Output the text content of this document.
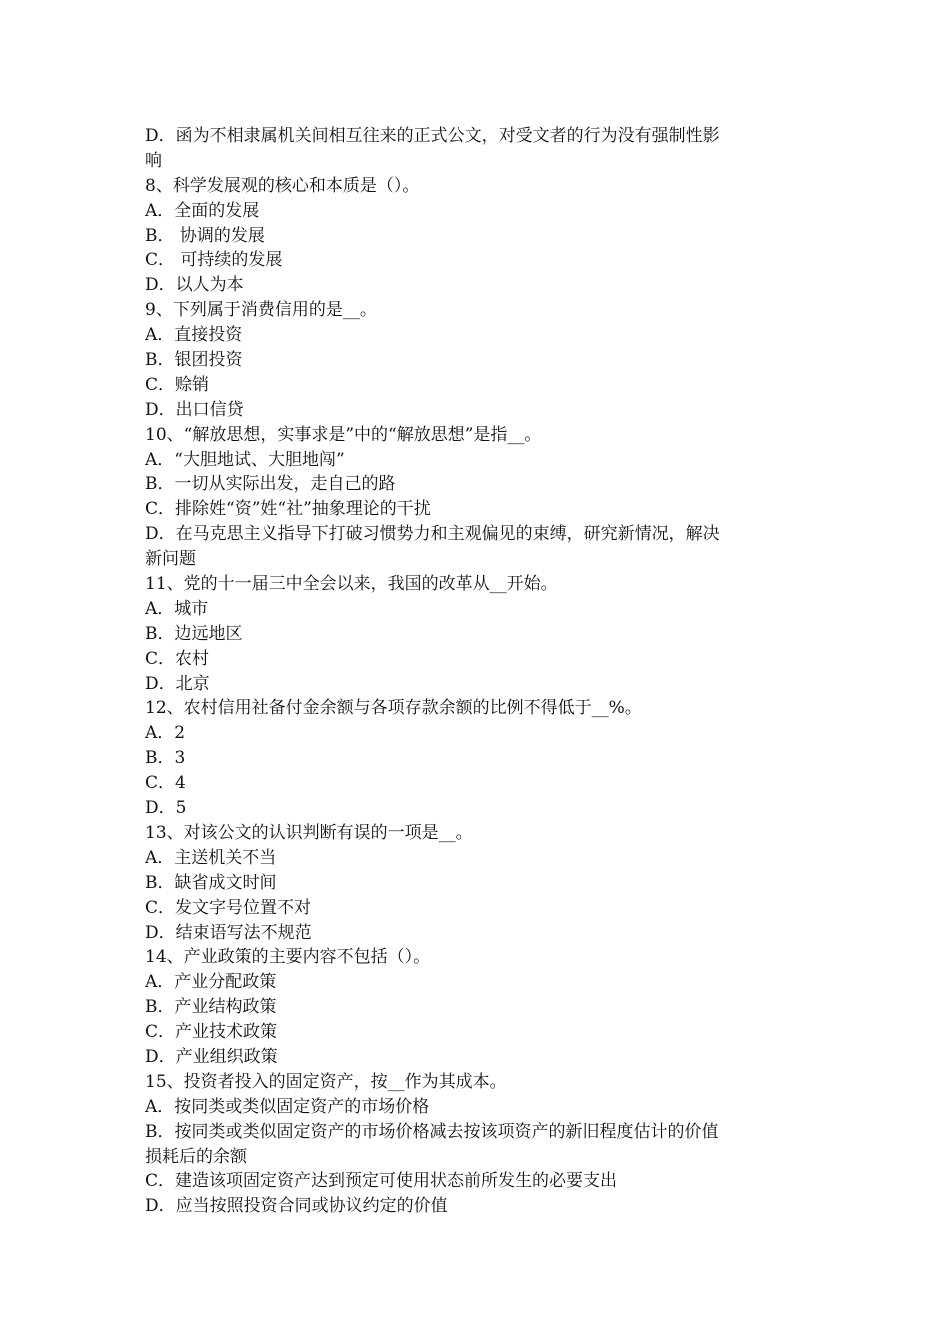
D．函为不相隶属机关间相互往来的正式公文，对受文者的行为没有强制性影
响
8、科学发展观的核心和本质是（）。
A．全面的发展
B． 协调的发展
C． 可持续的发展
D．以人为本
9、下列属于消费信用的是__。
A．直接投资
B．银团投资
C．赊销
D．出口信贷
10、“解放思想，实事求是”中的“解放思想”是指__。
A．“大胆地试、大胆地闯”
B．一切从实际出发，走自己的路
C．排除姓“资”姓“社”抽象理论的干扰
D．在马克思主义指导下打破习惯势力和主观偏见的束缚，研究新情况，解决
新问题
11、党的十一届三中全会以来，我国的改革从__开始。
A．城市
B．边远地区
C．农村
D．北京
12、农村信用社备付金余额与各项存款余额的比例不得低于__%。
A．2
B．3
C．4
D．5
13、对该公文的认识判断有误的一项是__。
A．主送机关不当
B．缺省成文时间
C．发文字号位置不对
D．结束语写法不规范
14、产业政策的主要内容不包括（）。
A．产业分配政策
B．产业结构政策
C．产业技术政策
D．产业组织政策
15、投资者投入的固定资产，按__作为其成本。
A．按同类或类似固定资产的市场价格
B．按同类或类似固定资产的市场价格减去按该项资产的新旧程度估计的价值
损耗后的余额
C．建造该项固定资产达到预定可使用状态前所发生的必要支出
D．应当按照投资合同或协议约定的价值
